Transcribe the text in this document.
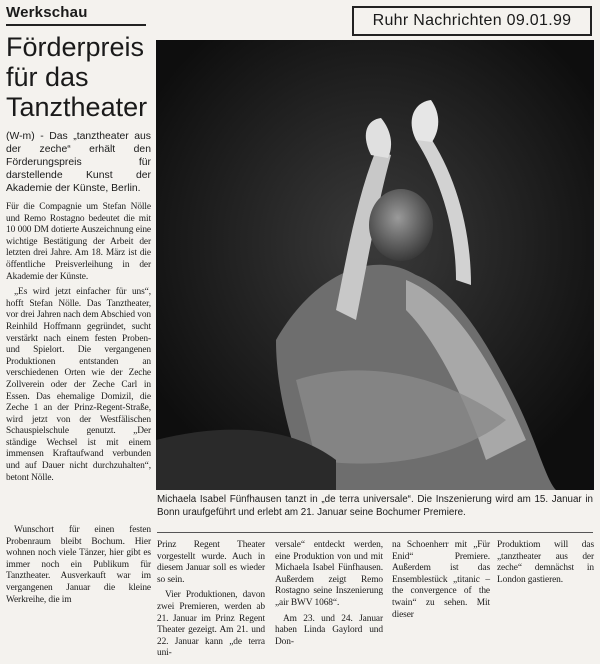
Werkschau	Ruhr Nachrichten 09.01.99
Förderpreis
für das
Tanztheater
(W-m) - Das „tanztheater aus der zeche“ erhält den Förderungspreis für darstellende Kunst der Akademie der Künste, Berlin.

Für die Compagnie um Stefan Nölle und Remo Rostagno bedeutet die mit 10 000 DM dotierte Auszeichnung eine wichtige Bestätigung der Arbeit der letzten drei Jahre. Am 18. März ist die öffentliche Preisverleihung in der Akademie der Künste.

„Es wird jetzt einfacher für uns“, hofft Stefan Nölle. Das Tanztheater, vor drei Jahren nach dem Abschied von Reinhild Hoffmann gegründet, sucht verstärkt nach einem festen Proben- und Spielort. Die vergangenen Produktionen entstanden an verschiedenen Orten wie der Zeche Zollverein oder der Zeche Carl in Essen. Das ehemalige Domizil, die Zeche 1 an der Prinz-Regent-Straße, wird jetzt von der Westfälischen Schauspielschule genutzt. „Der ständige Wechsel ist mit einem immensen Kraftaufwand verbunden und auf Dauer nicht durchzuhalten“, betont Nölle.

Wunschort für einen festen Probenraum bleibt Bochum. Hier wohnen noch viele Tänzer, hier gibt es immer noch ein Publikum für Tanztheater. Ausverkauft war im vergangenen Januar die kleine Werkreihe, die im

Michaela Isabel Fünfhausen tanzt in „de terra universale“. Die Inszenierung wird am 15. Januar in Bonn uraufgeführt und erlebt am 21. Januar seine Bochumer Premiere.

Prinz Regent Theater vorgestellt wurde. Auch in diesem Januar soll es wieder so sein.

Vier Produktionen, davon zwei Premieren, werden ab 21. Januar im Prinz Regent Theater gezeigt. Am 21. und 22. Januar kann „de terra uni-

versale“ entdeckt werden, eine Produktion von und mit Michaela Isabel Fünfhausen. Außerdem zeigt Remo Rostagno seine Inszenierung „air BWV 1068“.

Am 23. und 24. Januar haben Linda Gaylord und Don-

na Schoenherr mit „Für Enid“ Premiere. Außerdem ist das Ensemblestück „titanic – the convergence of the twain“ zu sehen. Mit dieser

Produktiom will das „tanztheater aus der zeche“ demnächst in London gastieren.
